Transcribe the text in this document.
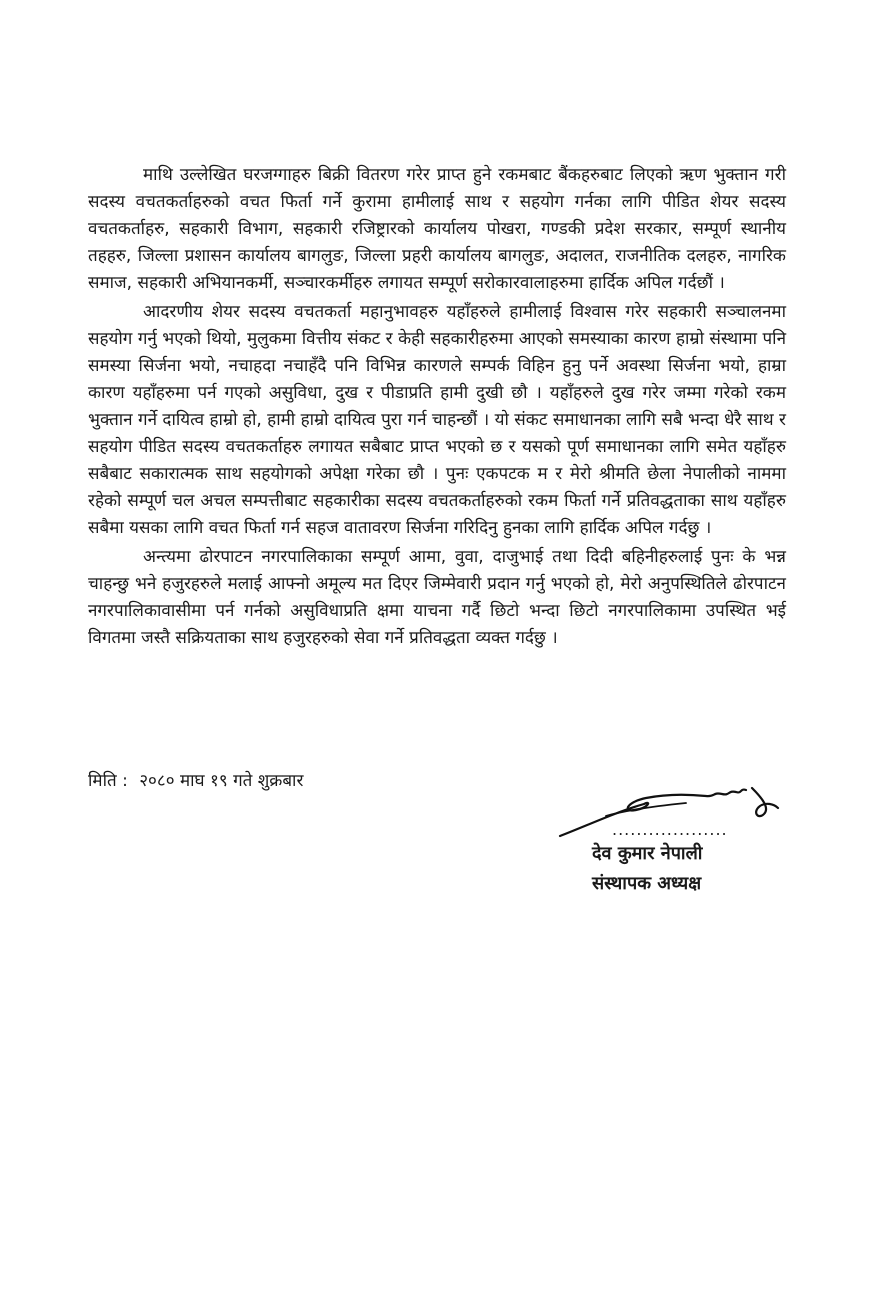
माथि उल्लेखित घरजग्गाहरु बिक्री वितरण गरेर प्राप्त हुने रकमबाट बैंकहरुबाट लिएको ऋण भुक्तान गरी सदस्य वचतकर्ताहरुको वचत फिर्ता गर्ने कुरामा हामीलाई साथ र सहयोग गर्नका लागि पीडित शेयर सदस्य वचतकर्ताहरु, सहकारी विभाग, सहकारी रजिष्ट्रारको कार्यालय पोखरा, गण्डकी प्रदेश सरकार, सम्पूर्ण स्थानीय तहहरु, जिल्ला प्रशासन कार्यालय बागलुङ, जिल्ला प्रहरी कार्यालय बागलुङ, अदालत, राजनीतिक दलहरु, नागरिक समाज, सहकारी अभियानकर्मी, सञ्चारकर्मीहरु लगायत सम्पूर्ण सरोकारवालाहरुमा हार्दिक अपिल गर्दछौं ।

आदरणीय शेयर सदस्य वचतकर्ता महानुभावहरु यहाँहरुले हामीलाई विश्वास गरेर सहकारी सञ्चालनमा सहयोग गर्नु भएको थियो, मुलुकमा वित्तीय संकट र केही सहकारीहरुमा आएको समस्याका कारण हाम्रो संस्थामा पनि समस्या सिर्जना भयो, नचाहदा नचाहँदै पनि विभिन्न कारणले सम्पर्क विहिन हुनु पर्ने अवस्था सिर्जना भयो, हाम्रा कारण यहाँहरुमा पर्न गएको असुविधा, दुख र पीडाप्रति हामी दुखी छौ । यहाँहरुले दुख गरेर जम्मा गरेको रकम भुक्तान गर्ने दायित्व हाम्रो हो, हामी हाम्रो दायित्व पुरा गर्न चाहन्छौं । यो संकट समाधानका लागि सबै भन्दा धेरै साथ र सहयोग पीडित सदस्य वचतकर्ताहरु लगायत सबैबाट प्राप्त भएको छ र यसको पूर्ण समाधानका लागि समेत यहाँहरु सबैबाट सकारात्मक साथ सहयोगको अपेक्षा गरेका छौ । पुनः एकपटक म र मेरो श्रीमति छेला नेपालीको नाममा रहेको सम्पूर्ण चल अचल सम्पत्तीबाट सहकारीका सदस्य वचतकर्ताहरुको रकम फिर्ता गर्ने प्रतिवद्धताका साथ यहाँहरु सबैमा यसका लागि वचत फिर्ता गर्न सहज वातावरण सिर्जना गरिदिनु हुनका लागि हार्दिक अपिल गर्दछु ।

अन्त्यमा ढोरपाटन नगरपालिकाका सम्पूर्ण आमा, वुवा, दाजुभाई तथा दिदी बहिनीहरुलाई पुनः के भन्न चाहन्छु भने हजुरहरुले मलाई आफ्नो अमूल्य मत दिएर जिम्मेवारी प्रदान गर्नु भएको हो, मेरो अनुपस्थितिले ढोरपाटन नगरपालिकावासीमा पर्न गर्नको असुविधाप्रति क्षमा याचना गर्दै छिटो भन्दा छिटो नगरपालिकामा उपस्थित भई विगतमा जस्तै सक्रियताका साथ हजुरहरुको सेवा गर्ने प्रतिवद्धता व्यक्त गर्दछु ।

मिति : २०८० माघ १९ गते शुक्रबार
...................
देव कुमार नेपाली
संस्थापक अध्यक्ष
